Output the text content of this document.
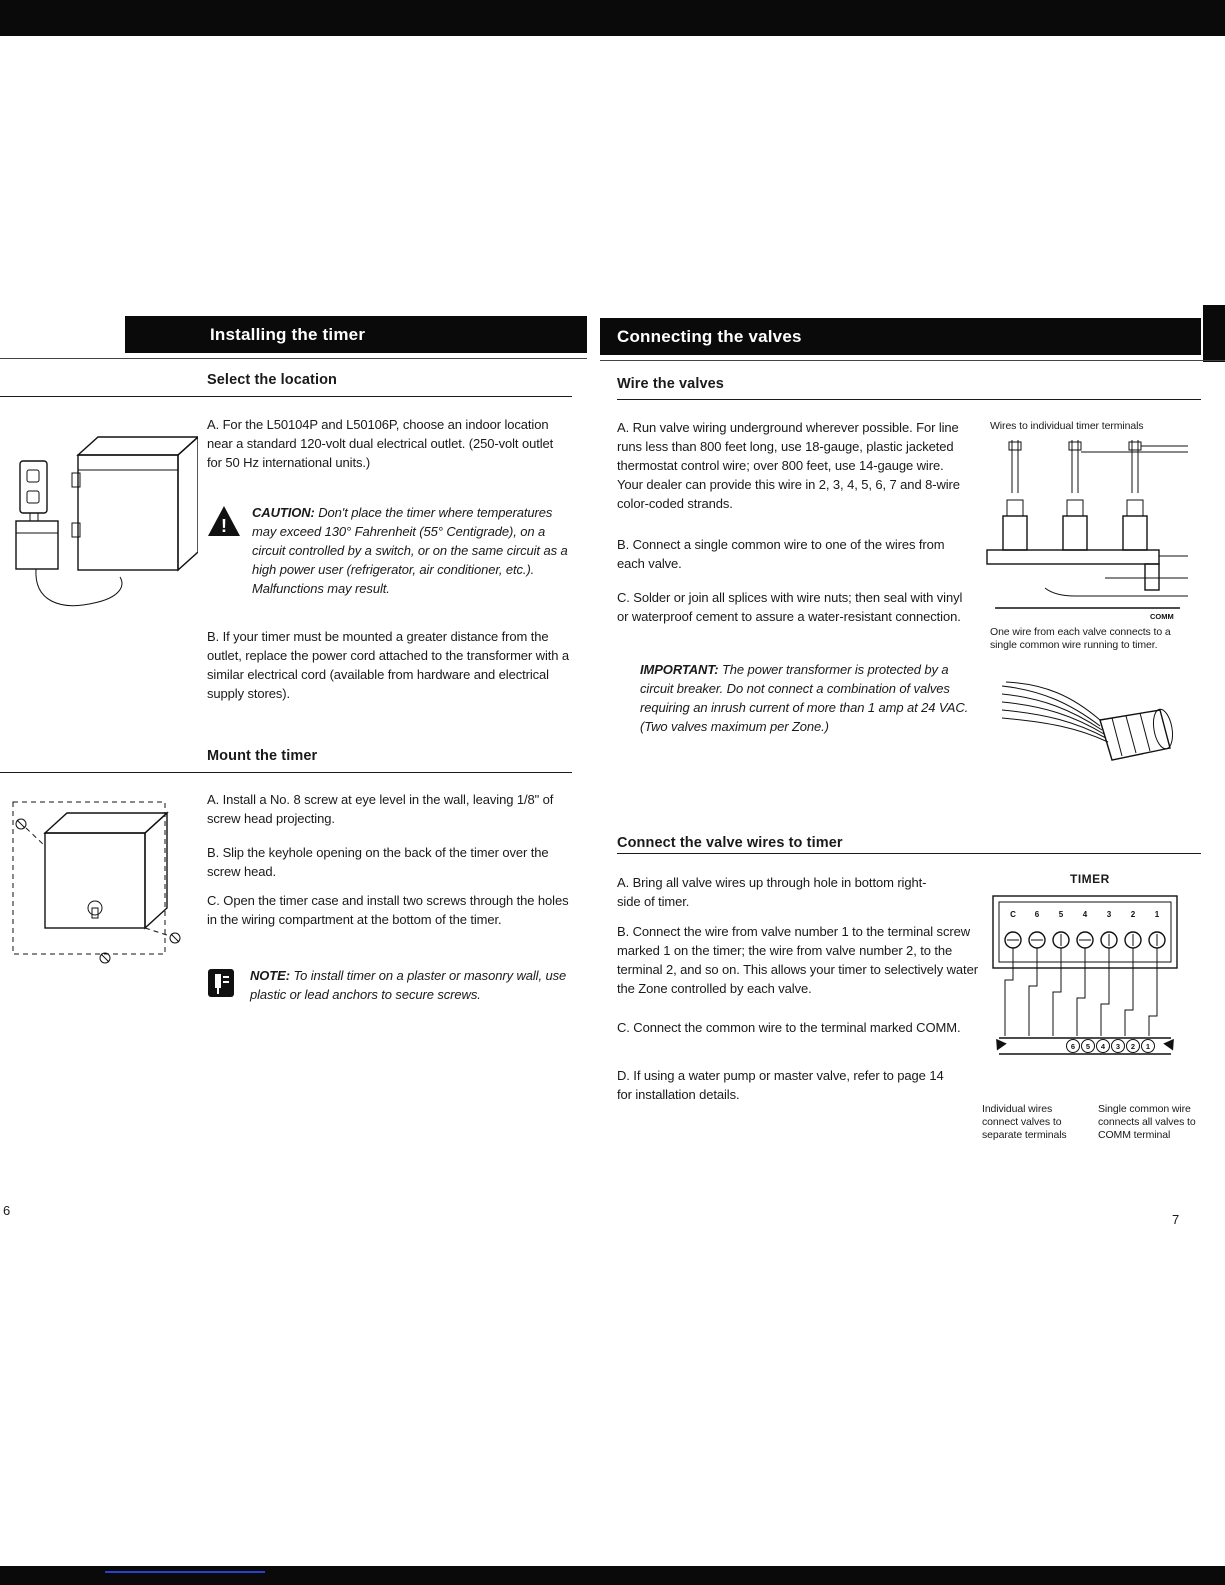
Installing the timer
Select the location
A. For the L50104P and L50106P, choose an indoor location near a standard 120-volt dual electrical outlet. (250-volt outlet for 50 Hz international units.)
!
CAUTION: Don't place the timer where temperatures may exceed 130° Fahrenheit (55° Centigrade), on a circuit controlled by a switch, or on the same circuit as a high power user (refrigerator, air conditioner, etc.). Malfunctions may result.
B. If your timer must be mounted a greater distance from the outlet, replace the power cord attached to the transformer with a similar electrical cord (available from hardware and electrical supply stores).
Mount the timer
A. Install a No. 8 screw at eye level in the wall, leaving 1/8" of screw head projecting.
B. Slip the keyhole opening on the back of the timer over the screw head.
C. Open the timer case and install two screws through the holes in the wiring compartment at the bottom of the timer.
NOTE: To install timer on a plaster or masonry wall, use plastic or lead anchors to secure screws.
6
Connecting the valves
Wire the valves
A. Run valve wiring underground wherever possible. For line runs less than 800 feet long, use 18-gauge, plastic jacketed thermostat control wire; over 800 feet, use 14-gauge wire. Your dealer can provide this wire in 2, 3, 4, 5, 6, 7 and 8-wire color-coded strands.
B. Connect a single common wire to one of the wires from each valve.
C. Solder or join all splices with wire nuts; then seal with vinyl or waterproof cement to assure a water-resistant connection.
IMPORTANT: The power transformer is protected by a circuit breaker. Do not connect a combination of valves requiring an inrush current of more than 1 amp at 24 VAC.
(Two valves maximum per Zone.)
Wires to individual timer terminals
COMM
One wire from each valve connects to a single common wire running to timer.
Connect the valve wires to timer
A. Bring all valve wires up through hole in bottom right-side of timer.
B. Connect the wire from valve number 1 to the terminal screw marked 1 on the timer; the wire from valve number 2, to the terminal 2, and so on. This allows your timer to selectively water the Zone controlled by each valve.
C. Connect the common wire to the terminal marked COMM.
D. If using a water pump or master valve, refer to page 14 for installation details.
TIMER
C 6 5 4 3 2 1
6 5 4 3 2 1
Individual wires connect valves to separate terminals
Single common wire connects all valves to COMM terminal
7
